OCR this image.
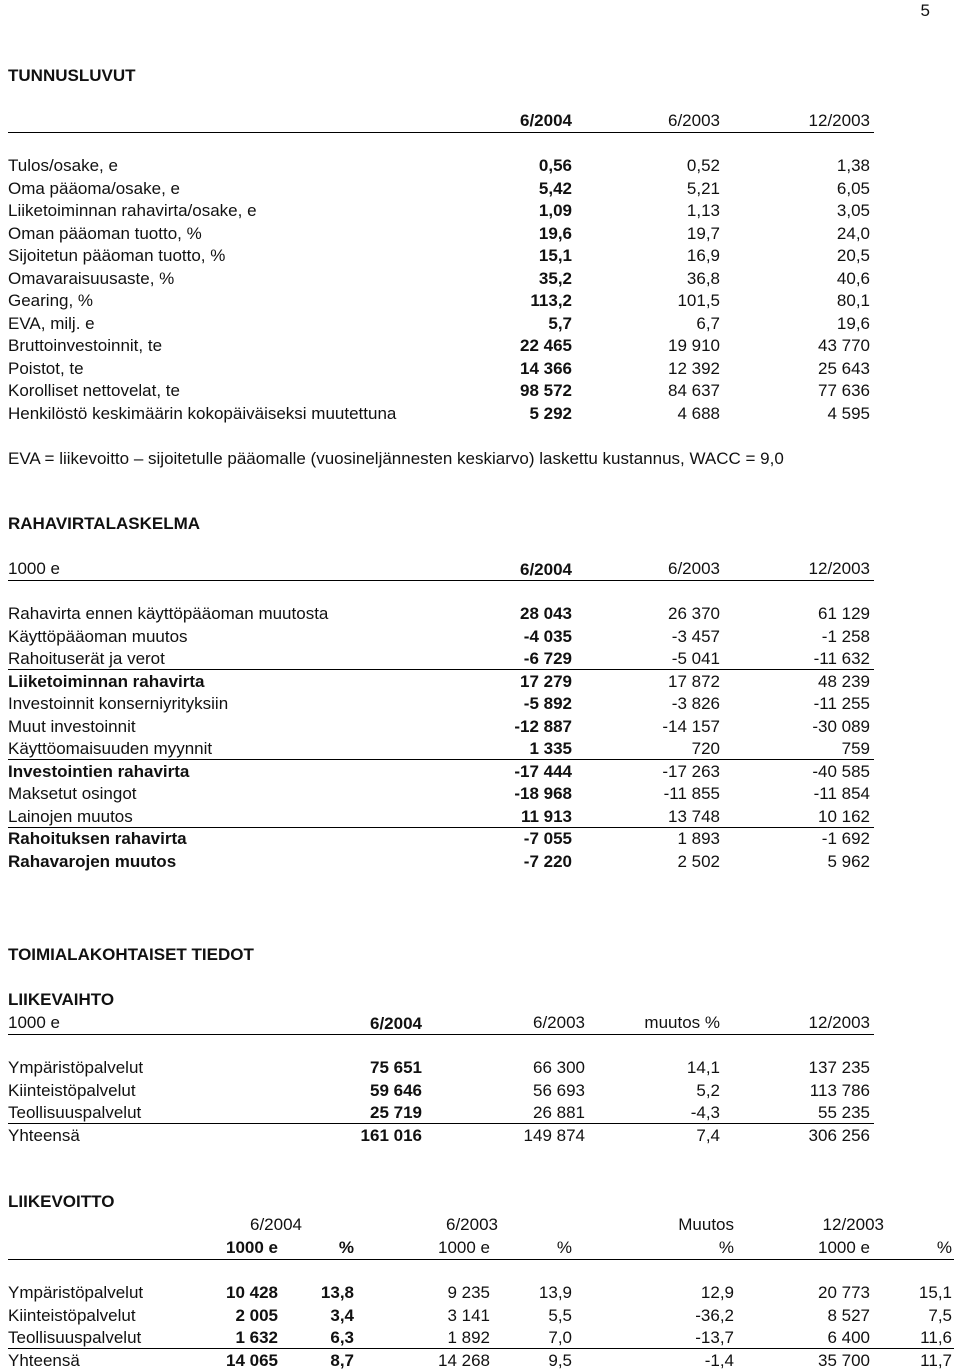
5
TUNNUSLUVUT
6/2004	6/2003	12/2003
Tulos/osake, e	0,56	0,52	1,38
Oma pääoma/osake, e	5,42	5,21	6,05
Liiketoiminnan rahavirta/osake, e	1,09	1,13	3,05
Oman pääoman tuotto, %	19,6	19,7	24,0
Sijoitetun pääoman tuotto, %	15,1	16,9	20,5
Omavaraisuusaste, %	35,2	36,8	40,6
Gearing, %	113,2	101,5	80,1
EVA, milj. e	5,7	6,7	19,6
Bruttoinvestoinnit, te	22 465	19 910	43 770
Poistot, te	14 366	12 392	25 643
Korolliset nettovelat, te	98 572	84 637	77 636
Henkilöstö keskimäärin kokopäiväiseksi muutettuna	5 292	4 688	4 595
EVA = liikevoitto – sijoitetulle pääomalle (vuosineljännesten keskiarvo) laskettu kustannus, WACC = 9,0
RAHAVIRTALASKELMA
1000 e	6/2004	6/2003	12/2003
Rahavirta ennen käyttöpääoman muutosta	28 043	26 370	61 129
Käyttöpääoman muutos	-4 035	-3 457	-1 258
Rahoituserät ja verot	-6 729	-5 041	-11 632
Liiketoiminnan rahavirta	17 279	17 872	48 239
Investoinnit konserniyrityksiin	-5 892	-3 826	-11 255
Muut investoinnit	-12 887	-14 157	-30 089
Käyttöomaisuuden myynnit	1 335	720	759
Investointien rahavirta	-17 444	-17 263	-40 585
Maksetut osingot	-18 968	-11 855	-11 854
Lainojen muutos	11 913	13 748	10 162
Rahoituksen rahavirta	-7 055	1 893	-1 692
Rahavarojen muutos	-7 220	2 502	5 962
TOIMIALAKOHTAISET TIEDOT
LIIKEVAIHTO
1000 e	6/2004	6/2003	muutos %	12/2003
Ympäristöpalvelut	75 651	66 300	14,1	137 235
Kiinteistöpalvelut	59 646	56 693	5,2	113 786
Teollisuuspalvelut	25 719	26 881	-4,3	55 235
Yhteensä	161 016	149 874	7,4	306 256
LIIKEVOITTO
6/2004	6/2003	Muutos	12/2003
1000 e	%	1000 e	%	%	1000 e	%
Ympäristöpalvelut	10 428	13,8	9 235	13,9	12,9	20 773	15,1
Kiinteistöpalvelut	2 005	3,4	3 141	5,5	-36,2	8 527	7,5
Teollisuuspalvelut	1 632	6,3	1 892	7,0	-13,7	6 400	11,6
Yhteensä	14 065	8,7	14 268	9,5	-1,4	35 700	11,7
